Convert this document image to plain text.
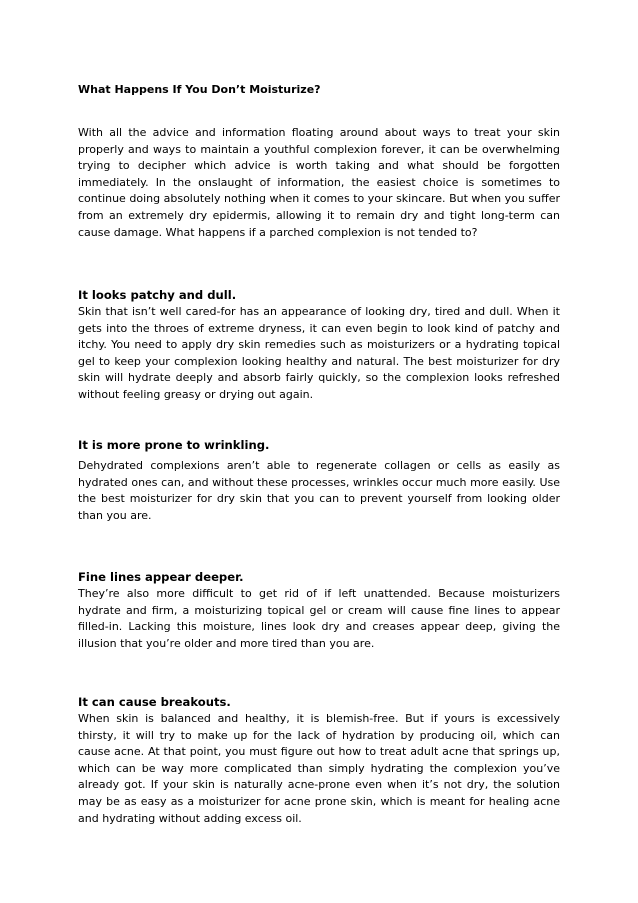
What Happens If You Don’t Moisturize?
With all the advice and information floating around about ways to treat your skin properly and ways to maintain a youthful complexion forever, it can be overwhelming trying to decipher which advice is worth taking and what should be forgotten immediately. In the onslaught of information, the easiest choice is sometimes to continue doing absolutely nothing when it comes to your skincare. But when you suffer from an extremely dry epidermis, allowing it to remain dry and tight long-term can cause damage. What happens if a parched complexion is not tended to?
It looks patchy and dull.
Skin that isn’t well cared-for has an appearance of looking dry, tired and dull. When it gets into the throes of extreme dryness, it can even begin to look kind of patchy and itchy. You need to apply dry skin remedies such as moisturizers or a hydrating topical gel to keep your complexion looking healthy and natural. The best moisturizer for dry skin will hydrate deeply and absorb fairly quickly, so the complexion looks refreshed without feeling greasy or drying out again.
It is more prone to wrinkling.
Dehydrated complexions aren’t able to regenerate collagen or cells as easily as hydrated ones can, and without these processes, wrinkles occur much more easily. Use the best moisturizer for dry skin that you can to prevent yourself from looking older than you are.
Fine lines appear deeper.
They’re also more difficult to get rid of if left unattended. Because moisturizers hydrate and firm, a moisturizing topical gel or cream will cause fine lines to appear filled-in. Lacking this moisture, lines look dry and creases appear deep, giving the illusion that you’re older and more tired than you are.
It can cause breakouts.
When skin is balanced and healthy, it is blemish-free. But if yours is excessively thirsty, it will try to make up for the lack of hydration by producing oil, which can cause acne. At that point, you must figure out how to treat adult acne that springs up, which can be way more complicated than simply hydrating the complexion you’ve already got. If your skin is naturally acne-prone even when it’s not dry, the solution may be as easy as a moisturizer for acne prone skin, which is meant for healing acne and hydrating without adding excess oil.
